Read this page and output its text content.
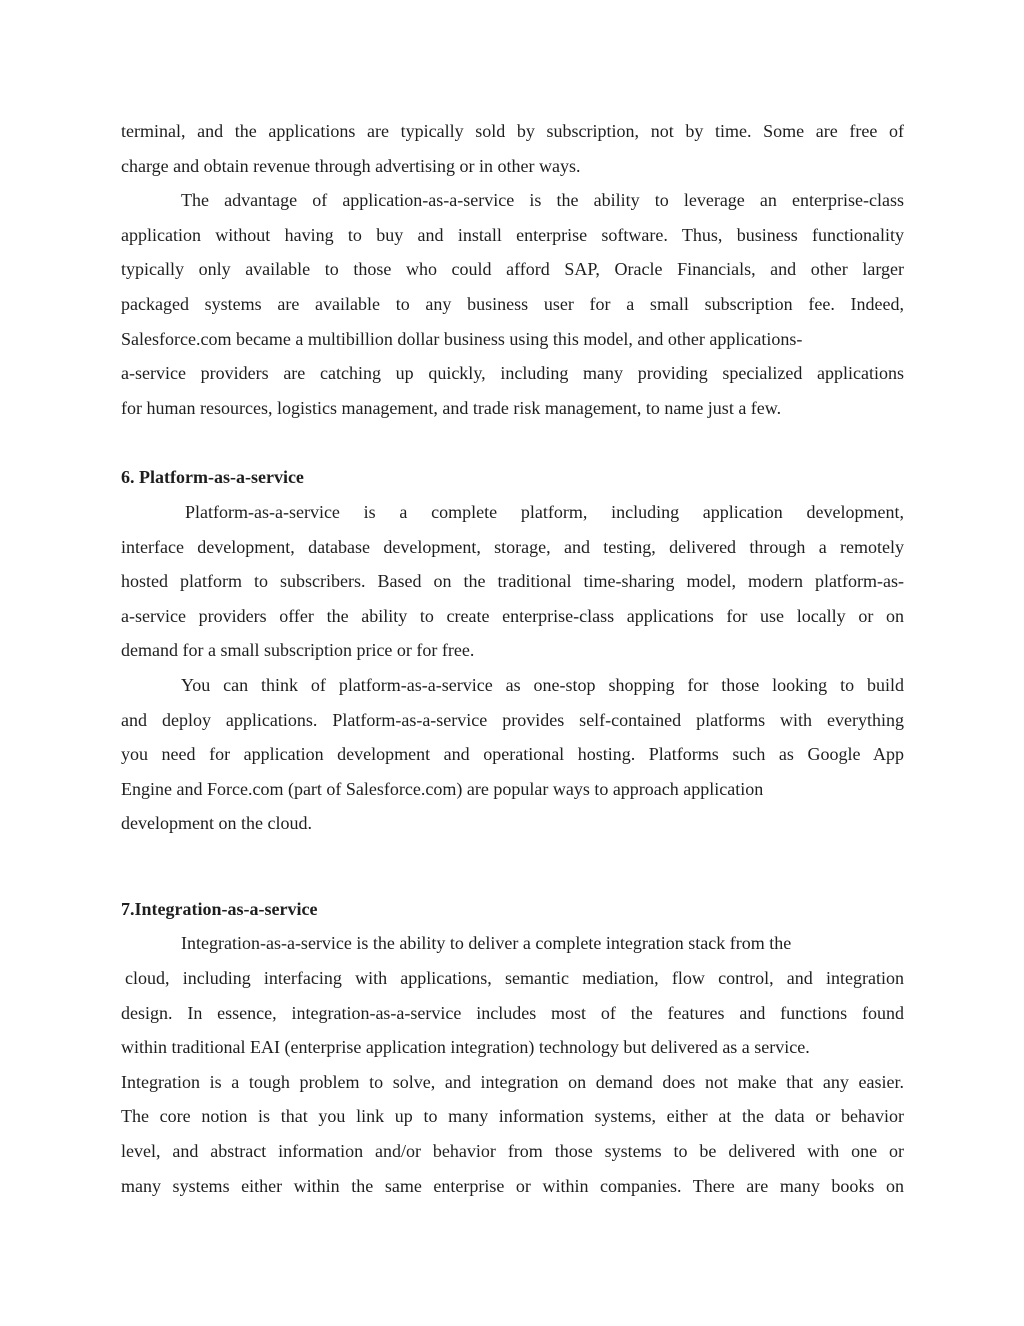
terminal, and the applications are typically sold by subscription, not by time. Some are free of
charge and obtain revenue through advertising or in other ways.
The advantage of application-as-a-service is the ability to leverage an enterprise-class
application without having to buy and install enterprise software. Thus, business functionality
typically only available to those who could afford SAP, Oracle Financials, and other larger
packaged systems are available to any business user for a small subscription fee. Indeed,
Salesforce.com became a multibillion dollar business using this model, and other applications-
a-service providers are catching up quickly, including many providing specialized applications
for human resources, logistics management, and trade risk management, to name just a few.
6. Platform-as-a-service
Platform-as-a-service is a complete platform, including application development,
interface development, database development, storage, and testing, delivered through a remotely
hosted platform to subscribers. Based on the traditional time-sharing model, modern platform-as-
a-service providers offer the ability to create enterprise-class applications for use locally or on
demand for a small subscription price or for free.
You can think of platform-as-a-service as one-stop shopping for those looking to build
and deploy applications. Platform-as-a-service provides self-contained platforms with everything
you need for application development and operational hosting. Platforms such as Google App
Engine and Force.com (part of Salesforce.com) are popular ways to approach application
development on the cloud.
7.Integration-as-a-service
Integration-as-a-service is the ability to deliver a complete integration stack from the
cloud, including interfacing with applications, semantic mediation, flow control, and integration
design. In essence, integration-as-a-service includes most of the features and functions found
within traditional EAI (enterprise application integration) technology but delivered as a service.
Integration is a tough problem to solve, and integration on demand does not make that any easier.
The core notion is that you link up to many information systems, either at the data or behavior
level, and abstract information and/or behavior from those systems to be delivered with one or
many systems either within the same enterprise or within companies. There are many books on
